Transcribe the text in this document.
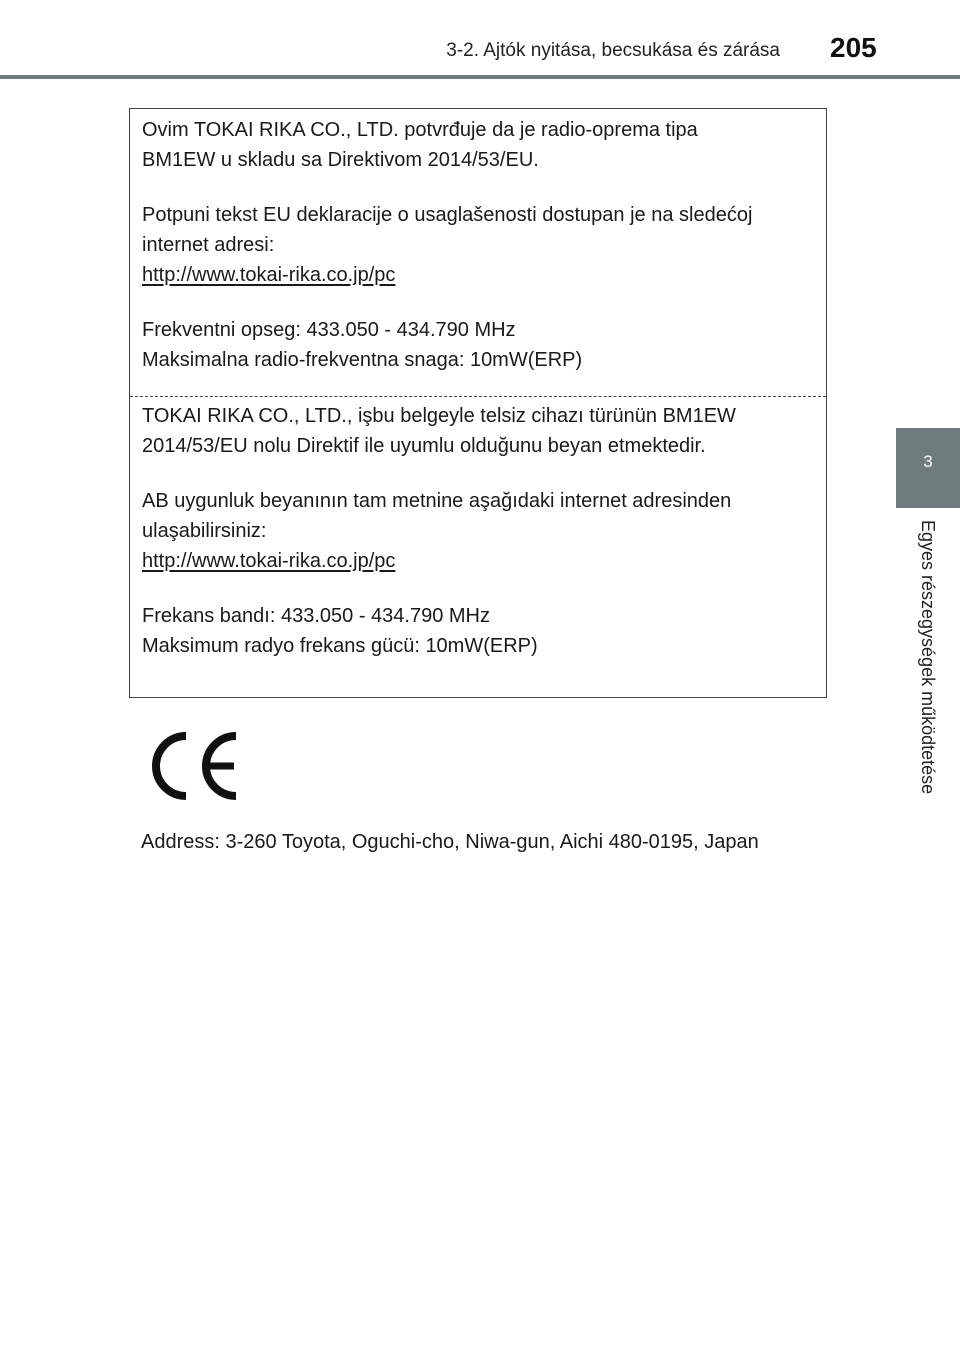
3-2. Ajtók nyitása, becsukása és zárása 205
3
Egyes részegységek működtetése
Ovim TOKAI RIKA CO., LTD. potvrđuje da je radio-oprema tipa
BM1EW u skladu sa Direktivom 2014/53/EU.
Potpuni tekst EU deklaracije o usaglašenosti dostupan je na sledećoj
internet adresi:
http://www.tokai-rika.co.jp/pc
Frekventni opseg: 433.050 - 434.790 MHz
Maksimalna radio-frekventna snaga: 10mW(ERP)
TOKAI RIKA CO., LTD., işbu belgeyle telsiz cihazı türünün BM1EW
2014/53/EU nolu Direktif ile uyumlu olduğunu beyan etmektedir.
AB uygunluk beyanının tam metnine aşağıdaki internet adresinden
ulaşabilirsiniz:
http://www.tokai-rika.co.jp/pc
Frekans bandı: 433.050 - 434.790 MHz
Maksimum radyo frekans gücü: 10mW(ERP)
Address: 3-260 Toyota, Oguchi-cho, Niwa-gun, Aichi 480-0195, Japan
